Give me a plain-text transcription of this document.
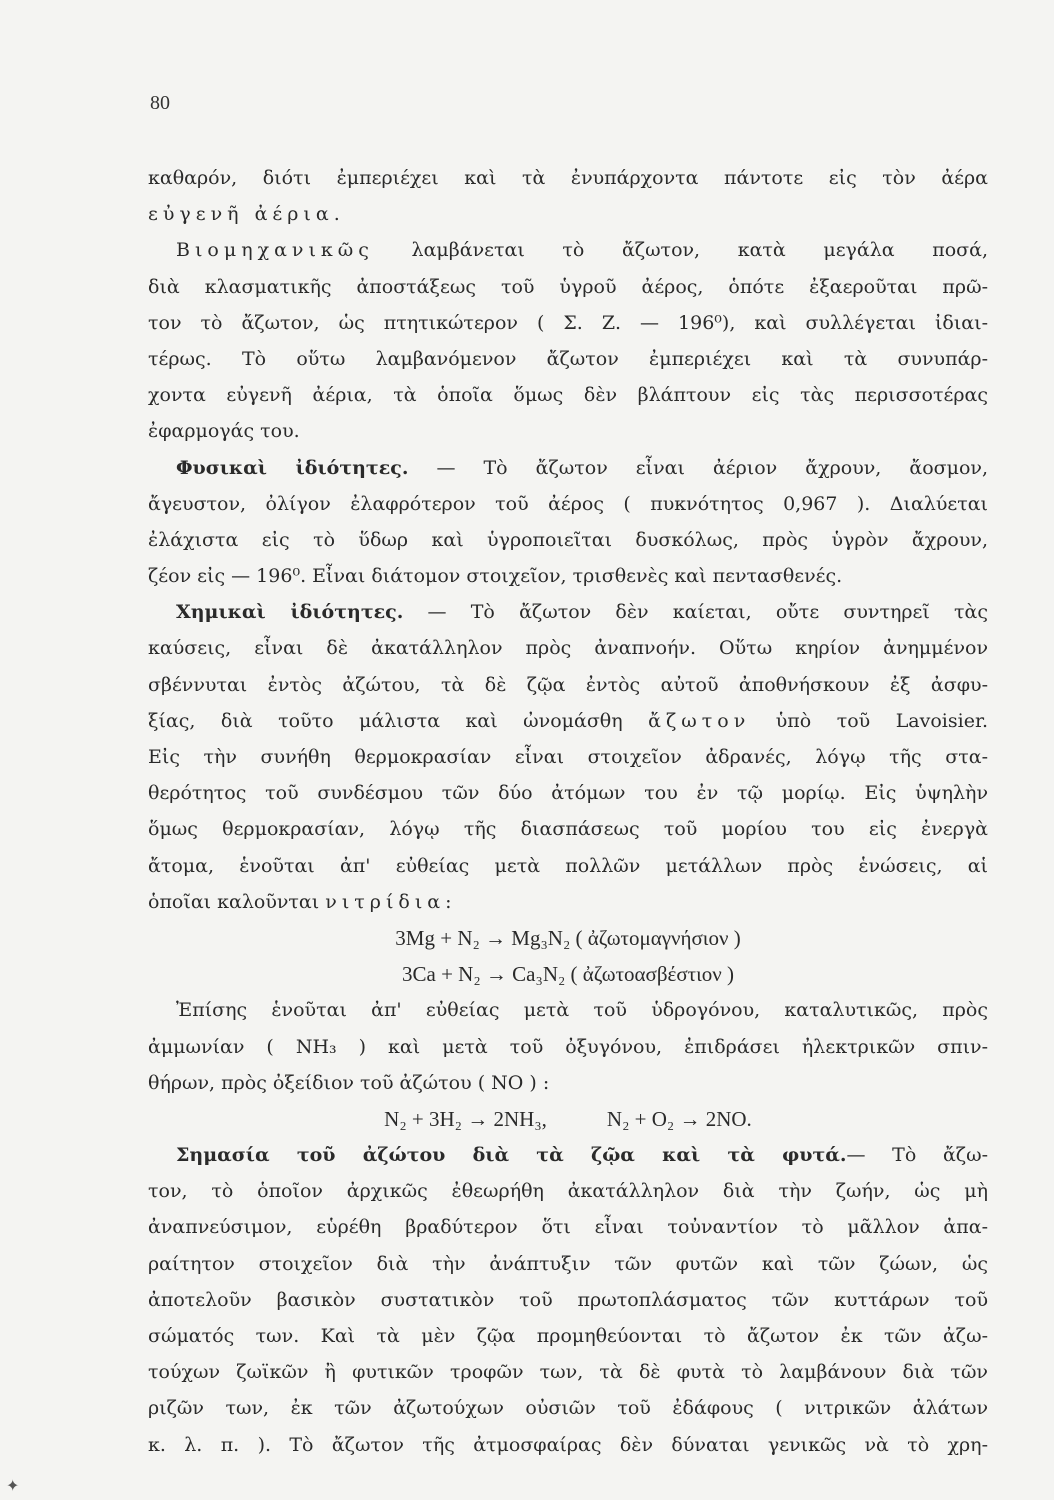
80
καθαρόν, διότι ἐμπεριέχει καὶ τὰ ἐνυπάρχοντα πάντοτε εἰς τὸν ἀέρα
εὐγενῆ ἀέρια.
Βιομηχανικῶς λαμβάνεται τὸ ἄζωτον, κατὰ μεγάλα ποσά,
διὰ κλασματικῆς ἀποστάξεως τοῦ ὑγροῦ ἀέρος, ὁπότε ἐξαεροῦται πρῶ-
τον τὸ ἄζωτον, ὡς πτητικώτερον ( Σ. Ζ. — 196⁰), καὶ συλλέγεται ἰδιαι-
τέρως. Τὸ οὕτω λαμβανόμενον ἄζωτον ἐμπεριέχει καὶ τὰ συνυπάρ-
χοντα εὐγενῆ ἀέρια, τὰ ὁποῖα ὅμως δὲν βλάπτουν εἰς τὰς περισσοτέρας
ἐφαρμογάς του.
Φυσικαὶ ἰδιότητες. — Τὸ ἄζωτον εἶναι ἀέριον ἄχρουν, ἄοσμον,
ἄγευστον, ὀλίγον ἐλαφρότερον τοῦ ἀέρος ( πυκνότητος 0,967 ). Διαλύεται
ἐλάχιστα εἰς τὸ ὕδωρ καὶ ὑγροποιεῖται δυσκόλως, πρὸς ὑγρὸν ἄχρουν,
ζέον εἰς — 196⁰. Εἶναι διάτομον στοιχεῖον, τρισθενὲς καὶ πεντασθενές.
Χημικαὶ ἰδιότητες. — Τὸ ἄζωτον δὲν καίεται, οὔτε συντηρεῖ τὰς
καύσεις, εἶναι δὲ ἀκατάλληλον πρὸς ἀναπνοήν. Οὕτω κηρίον ἀνημμένον
σβέννυται ἐντὸς ἀζώτου, τὰ δὲ ζῷα ἐντὸς αὐτοῦ ἀποθνήσκουν ἐξ ἀσφυ-
ξίας, διὰ τοῦτο μάλιστα καὶ ὠνομάσθη ἄζωτον ὑπὸ τοῦ Lavoisier.
Εἰς τὴν συνήθη θερμοκρασίαν εἶναι στοιχεῖον ἀδρανές, λόγῳ τῆς στα-
θερότητος τοῦ συνδέσμου τῶν δύο ἀτόμων του ἐν τῷ μορίῳ. Εἰς ὑψηλὴν
ὅμως θερμοκρασίαν, λόγῳ τῆς διασπάσεως τοῦ μορίου του εἰς ἐνεργὰ
ἄτομα, ἑνοῦται ἀπ' εὐθείας μετὰ πολλῶν μετάλλων πρὸς ἑνώσεις, αἱ
ὁποῖαι καλοῦνται νιτρίδια:
3Mg + N₂ → Mg₃N₂ ( ἀζωτομαγνήσιον )
3Ca + N₂ → Ca₃N₂ ( ἀζωτοασβέστιον )
Ἐπίσης ἑνοῦται ἀπ' εὐθείας μετὰ τοῦ ὑδρογόνου, καταλυτικῶς, πρὸς
ἀμμωνίαν ( NH₃ ) καὶ μετὰ τοῦ ὀξυγόνου, ἐπιδράσει ἠλεκτρικῶν σπιν-
θήρων, πρὸς ὀξείδιον τοῦ ἀζώτου ( NO ) :
N₂ + 3H₂ → 2NH₃,	N₂ + O₂ → 2NO.
Σημασία τοῦ ἀζώτου διὰ τὰ ζῷα καὶ τὰ φυτά.— Τὸ ἄζω-
τον, τὸ ὁποῖον ἀρχικῶς ἐθεωρήθη ἀκατάλληλον διὰ τὴν ζωήν, ὡς μὴ
ἀναπνεύσιμον, εὑρέθη βραδύτερον ὅτι εἶναι τοὐναντίον τὸ μᾶλλον ἀπα-
ραίτητον στοιχεῖον διὰ τὴν ἀνάπτυξιν τῶν φυτῶν καὶ τῶν ζώων, ὡς
ἀποτελοῦν βασικὸν συστατικὸν τοῦ πρωτοπλάσματος τῶν κυττάρων τοῦ
σώματός των. Καὶ τὰ μὲν ζῷα προμηθεύονται τὸ ἄζωτον ἐκ τῶν ἀζω-
τούχων ζωϊκῶν ἢ φυτικῶν τροφῶν των, τὰ δὲ φυτὰ τὸ λαμβάνουν διὰ τῶν
ριζῶν των, ἐκ τῶν ἀζωτούχων οὐσιῶν τοῦ ἐδάφους ( νιτρικῶν ἁλάτων
κ. λ. π. ). Τὸ ἄζωτον τῆς ἀτμοσφαίρας δὲν δύναται γενικῶς νὰ τὸ χρη-
✦
